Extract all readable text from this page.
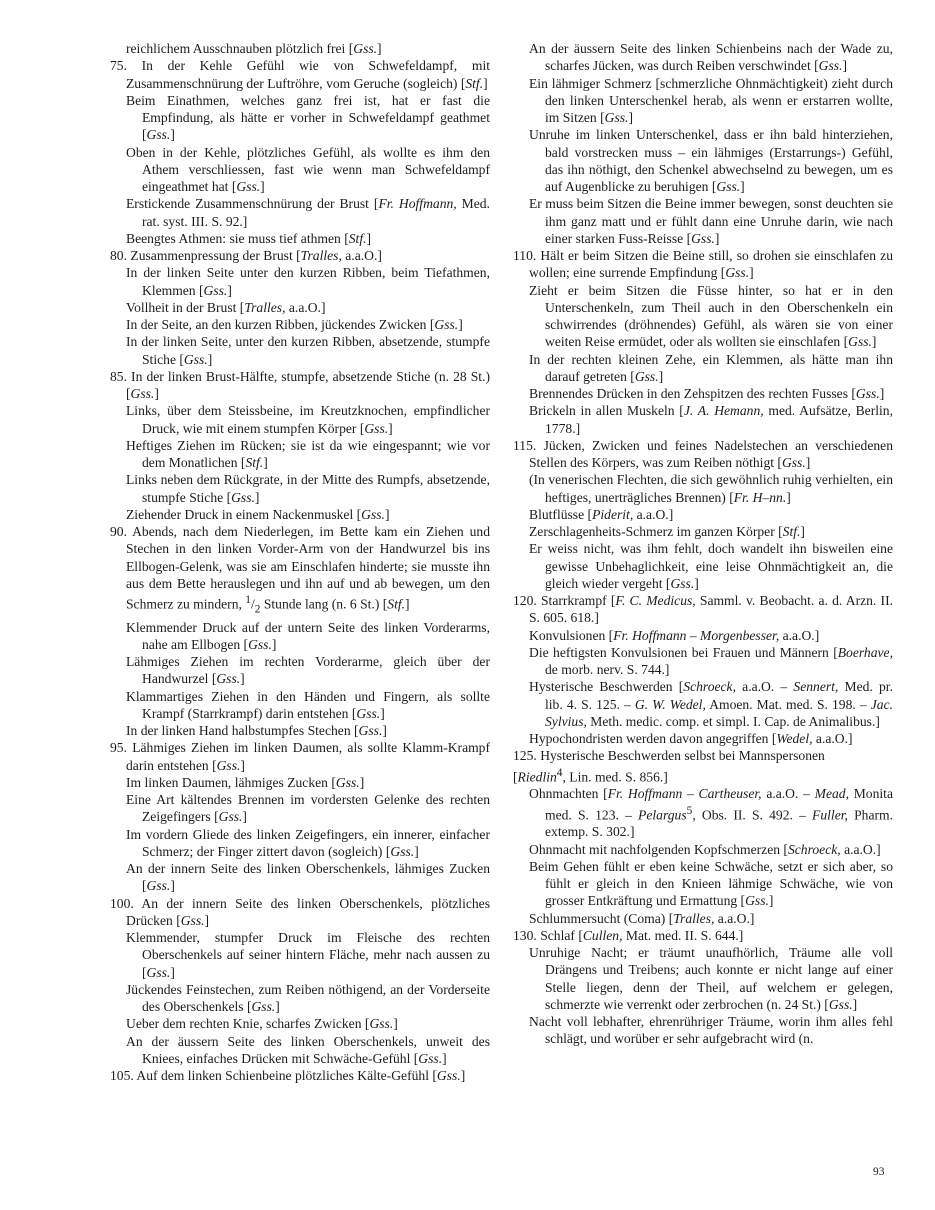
reichlichem Ausschnauben plötzlich frei [Gss.]

75. In der Kehle Gefühl wie von Schwefeldampf, mit Zusammenschnürung der Luftröhre, vom Geruche (sogleich) [Stf.]

Beim Einathmen, welches ganz frei ist, hat er fast die Empfindung, als hätte er vorher in Schwefeldampf geathmet [Gss.]

Oben in der Kehle, plötzliches Gefühl, als wollte es ihm den Athem verschliessen, fast wie wenn man Schwefeldampf eingeathmet hat [Gss.]

Erstickende Zusammenschnürung der Brust [Fr. Hoffmann, Med. rat. syst. III. S. 92.]

Beengtes Athmen: sie muss tief athmen [Stf.]

80. Zusammenpressung der Brust [Tralles, a.a.O.]

In der linken Seite unter den kurzen Ribben, beim Tiefathmen, Klemmen [Gss.]

Vollheit in der Brust [Tralles, a.a.O.]

In der Seite, an den kurzen Ribben, jückendes Zwicken [Gss.]

In der linken Seite, unter den kurzen Ribben, absetzende, stumpfe Stiche [Gss.]

85. In der linken Brust-Hälfte, stumpfe, absetzende Stiche (n. 28 St.) [Gss.]

Links, über dem Steissbeine, im Kreutzknochen, empfindlicher Druck, wie mit einem stumpfen Körper [Gss.]

Heftiges Ziehen im Rücken; sie ist da wie eingespannt; wie vor dem Monatlichen [Stf.]

Links neben dem Rückgrate, in der Mitte des Rumpfs, absetzende, stumpfe Stiche [Gss.]

Ziehender Druck in einem Nackenmuskel [Gss.]

90. Abends, nach dem Niederlegen, im Bette kam ein Ziehen und Stechen in den linken Vorder-Arm von der Handwurzel bis ins Ellbogen-Gelenk, was sie am Einschlafen hinderte; sie musste ihn aus dem Bette herauslegen und ihn auf und ab bewegen, um den Schmerz zu mindern, $^1/_2$ Stunde lang (n. 6 St.) [Stf.]

Klemmender Druck auf der untern Seite des linken Vorderarms, nahe am Ellbogen [Gss.]

Lähmiges Ziehen im rechten Vorderarme, gleich über der Handwurzel [Gss.]

Klammartiges Ziehen in den Händen und Fingern, als sollte Krampf (Starrkrampf) darin entstehen [Gss.]

In der linken Hand halbstumpfes Stechen [Gss.]

95. Lähmiges Ziehen im linken Daumen, als sollte Klamm-Krampf darin entstehen [Gss.]

Im linken Daumen, lähmiges Zucken [Gss.]

Eine Art kältendes Brennen im vordersten Gelenke des rechten Zeigefingers [Gss.]

Im vordern Gliede des linken Zeigefingers, ein innerer, einfacher Schmerz; der Finger zittert davon (sogleich) [Gss.]

An der innern Seite des linken Oberschenkels, lähmiges Zucken [Gss.]

100. An der innern Seite des linken Oberschenkels, plötzliches Drücken [Gss.]

Klemmender, stumpfer Druck im Fleische des rechten Oberschenkels auf seiner hintern Fläche, mehr nach aussen zu [Gss.]

Jückendes Feinstechen, zum Reiben nöthigend, an der Vorderseite des Oberschenkels [Gss.]

Ueber dem rechten Knie, scharfes Zwicken [Gss.]

An der äussern Seite des linken Oberschenkels, unweit des Kniees, einfaches Drücken mit Schwäche-Gefühl [Gss.]

105. Auf dem linken Schienbeine plötzliches Kälte-Gefühl [Gss.]

An der äussern Seite des linken Schienbeins nach der Wade zu, scharfes Jücken, was durch Reiben verschwindet [Gss.]

Ein lähmiger Schmerz [schmerzliche Ohnmächtigkeit) zieht durch den linken Unterschenkel herab, als wenn er erstarren wollte, im Sitzen [Gss.]

Unruhe im linken Unterschenkel, dass er ihn bald hinterziehen, bald vorstrecken muss – ein lähmiges (Erstarrungs-) Gefühl, das ihn nöthigt, den Schenkel abwechselnd zu bewegen, um es auf Augenblicke zu beruhigen [Gss.]

Er muss beim Sitzen die Beine immer bewegen, sonst deuchten sie ihm ganz matt und er fühlt dann eine Unruhe darin, wie nach einer starken Fuss-Reisse [Gss.]

110. Hält er beim Sitzen die Beine still, so drohen sie einschlafen zu wollen; eine surrende Empfindung [Gss.]

Zieht er beim Sitzen die Füsse hinter, so hat er in den Unterschenkeln, zum Theil auch in den Oberschenkeln ein schwirrendes (dröhnendes) Gefühl, als wären sie von einer weiten Reise ermüdet, oder als wollten sie einschlafen [Gss.]

In der rechten kleinen Zehe, ein Klemmen, als hätte man ihn darauf getreten [Gss.]

Brennendes Drücken in den Zehspitzen des rechten Fusses [Gss.]

Brickeln in allen Muskeln [J. A. Hemann, med. Aufsätze, Berlin, 1778.]

115. Jücken, Zwicken und feines Nadelstechen an verschiedenen Stellen des Körpers, was zum Reiben nöthigt [Gss.]

(In venerischen Flechten, die sich gewöhnlich ruhig verhielten, ein heftiges, unerträgliches Brennen) [Fr. H–nn.]

Blutflüsse [Piderit, a.a.O.]

Zerschlagenheits-Schmerz im ganzen Körper [Stf.]

Er weiss nicht, was ihm fehlt, doch wandelt ihn bisweilen eine gewisse Unbehaglichkeit, eine leise Ohnmächtigkeit an, die gleich wieder vergeht [Gss.]

120. Starrkrampf [F. C. Medicus, Samml. v. Beobacht. a. d. Arzn. II. S. 605. 618.]

Konvulsionen [Fr. Hoffmann – Morgenbesser, a.a.O.]

Die heftigsten Konvulsionen bei Frauen und Männern [Boerhave, de morb. nerv. S. 744.]

Hysterische Beschwerden [Schroeck, a.a.O. – Sennert, Med. pr. lib. 4. S. 125. – G. W. Wedel, Amoen. Mat. med. S. 198. – Jac. Sylvius, Meth. medic. comp. et simpl. I. Cap. de Animalibus.]

Hypochondristen werden davon angegriffen [Wedel, a.a.O.]

125. Hysterische Beschwerden selbst bei Mannspersonen

[Riedlin$^4$, Lin. med. S. 856.]

Ohnmachten [Fr. Hoffmann – Cartheuser, a.a.O. – Mead, Monita med. S. 123. – Pelargus$^5$, Obs. II. S. 492. – Fuller, Pharm. extemp. S. 302.]

Ohnmacht mit nachfolgenden Kopfschmerzen [Schroeck, a.a.O.]

Beim Gehen fühlt er eben keine Schwäche, setzt er sich aber, so fühlt er gleich in den Knieen lähmige Schwäche, wie von grosser Entkräftung und Ermattung [Gss.]

Schlummersucht (Coma) [Tralles, a.a.O.]

130. Schlaf [Cullen, Mat. med. II. S. 644.]

Unruhige Nacht; er träumt unaufhörlich, Träume alle voll Drängens und Treibens; auch konnte er nicht lange auf einer Stelle liegen, denn der Theil, auf welchem er gelegen, schmerzte wie verrenkt oder zerbrochen (n. 24 St.) [Gss.]

Nacht voll lebhafter, ehrenrühriger Träume, worin ihm alles fehl schlägt, und worüber er sehr aufgebracht wird (n.

93
